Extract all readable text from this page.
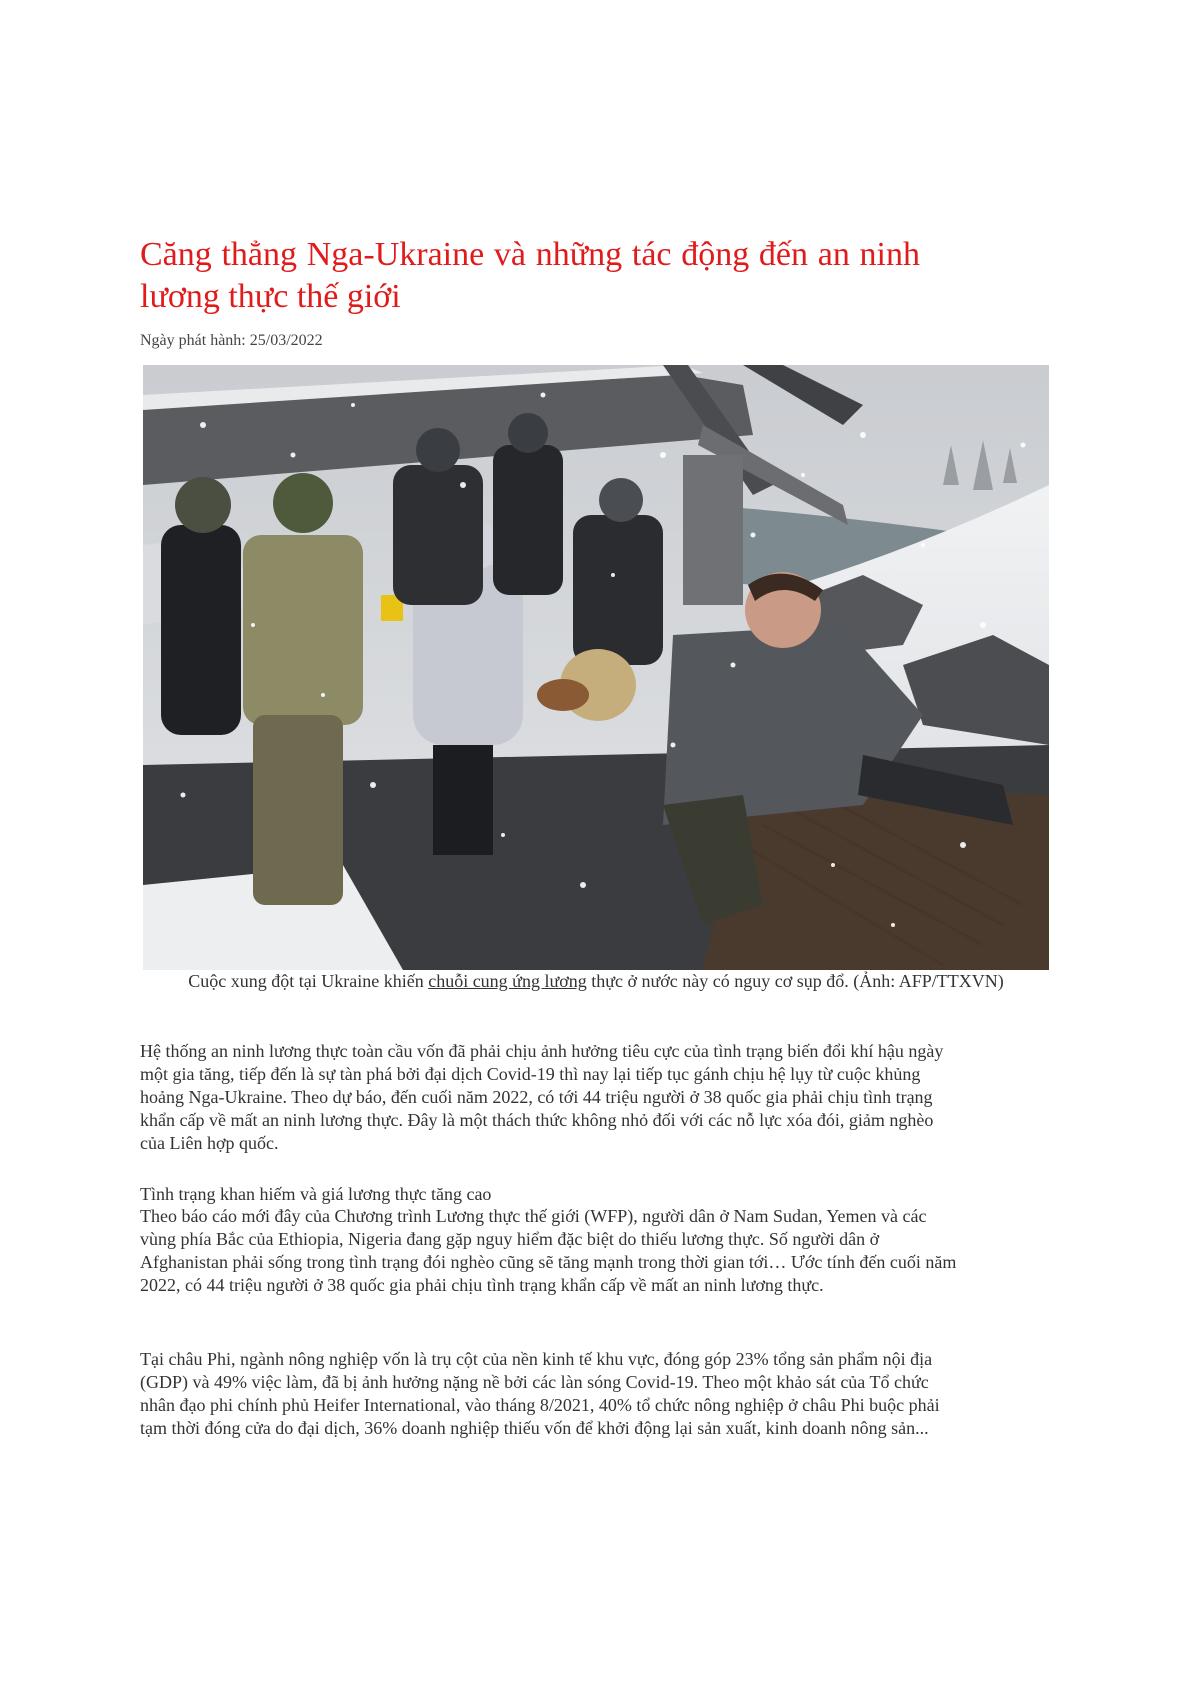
Căng thẳng Nga-Ukraine và những tác động đến an ninh lương thực thế giới

Ngày phát hành: 25/03/2022

Cuộc xung đột tại Ukraine khiến chuỗi cung ứng lương thực ở nước này có nguy cơ sụp đổ. (Ảnh: AFP/TTXVN)

Hệ thống an ninh lương thực toàn cầu vốn đã phải chịu ảnh hưởng tiêu cực của tình trạng biến đổi khí hậu ngày một gia tăng, tiếp đến là sự tàn phá bởi đại dịch Covid-19 thì nay lại tiếp tục gánh chịu hệ lụy từ cuộc khủng hoảng Nga-Ukraine. Theo dự báo, đến cuối năm 2022, có tới 44 triệu người ở 38 quốc gia phải chịu tình trạng khẩn cấp về mất an ninh lương thực. Đây là một thách thức không nhỏ đối với các nỗ lực xóa đói, giảm nghèo của Liên hợp quốc.

Tình trạng khan hiếm và giá lương thực tăng cao

Theo báo cáo mới đây của Chương trình Lương thực thế giới (WFP), người dân ở Nam Sudan, Yemen và các vùng phía Bắc của Ethiopia, Nigeria đang gặp nguy hiểm đặc biệt do thiếu lương thực. Số người dân ở Afghanistan phải sống trong tình trạng đói nghèo cũng sẽ tăng mạnh trong thời gian tới… Ước tính đến cuối năm 2022, có 44 triệu người ở 38 quốc gia phải chịu tình trạng khẩn cấp về mất an ninh lương thực.

Tại châu Phi, ngành nông nghiệp vốn là trụ cột của nền kinh tế khu vực, đóng góp 23% tổng sản phẩm nội địa (GDP) và 49% việc làm, đã bị ảnh hưởng nặng nề bởi các làn sóng Covid-19. Theo một khảo sát của Tổ chức nhân đạo phi chính phủ Heifer International, vào tháng 8/2021, 40% tổ chức nông nghiệp ở châu Phi buộc phải tạm thời đóng cửa do đại dịch, 36% doanh nghiệp thiếu vốn để khởi động lại sản xuất, kinh doanh nông sản...
